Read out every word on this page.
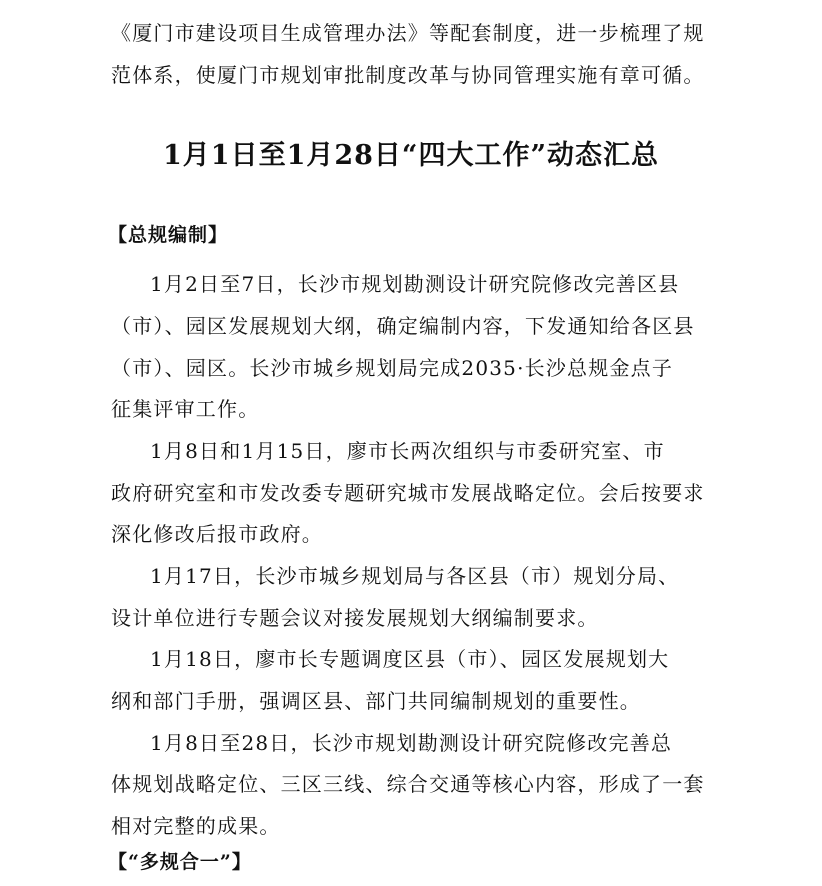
《厦门市建设项目生成管理办法》等配套制度，进一步梳理了规
范体系，使厦门市规划审批制度改革与协同管理实施有章可循。
1月1日至1月28日“四大工作”动态汇总
【总规编制】
1月2日至7日，长沙市规划勘测设计研究院修改完善区县
（市）、园区发展规划大纲，确定编制内容，下发通知给各区县
（市）、园区。长沙市城乡规划局完成2035·长沙总规金点子
征集评审工作。
1月8日和1月15日，廖市长两次组织与市委研究室、市
政府研究室和市发改委专题研究城市发展战略定位。会后按要求
深化修改后报市政府。
1月17日，长沙市城乡规划局与各区县（市）规划分局、
设计单位进行专题会议对接发展规划大纲编制要求。
1月18日，廖市长专题调度区县（市）、园区发展规划大
纲和部门手册，强调区县、部门共同编制规划的重要性。
1月8日至28日，长沙市规划勘测设计研究院修改完善总
体规划战略定位、三区三线、综合交通等核心内容，形成了一套
相对完整的成果。
【“多规合一”】
